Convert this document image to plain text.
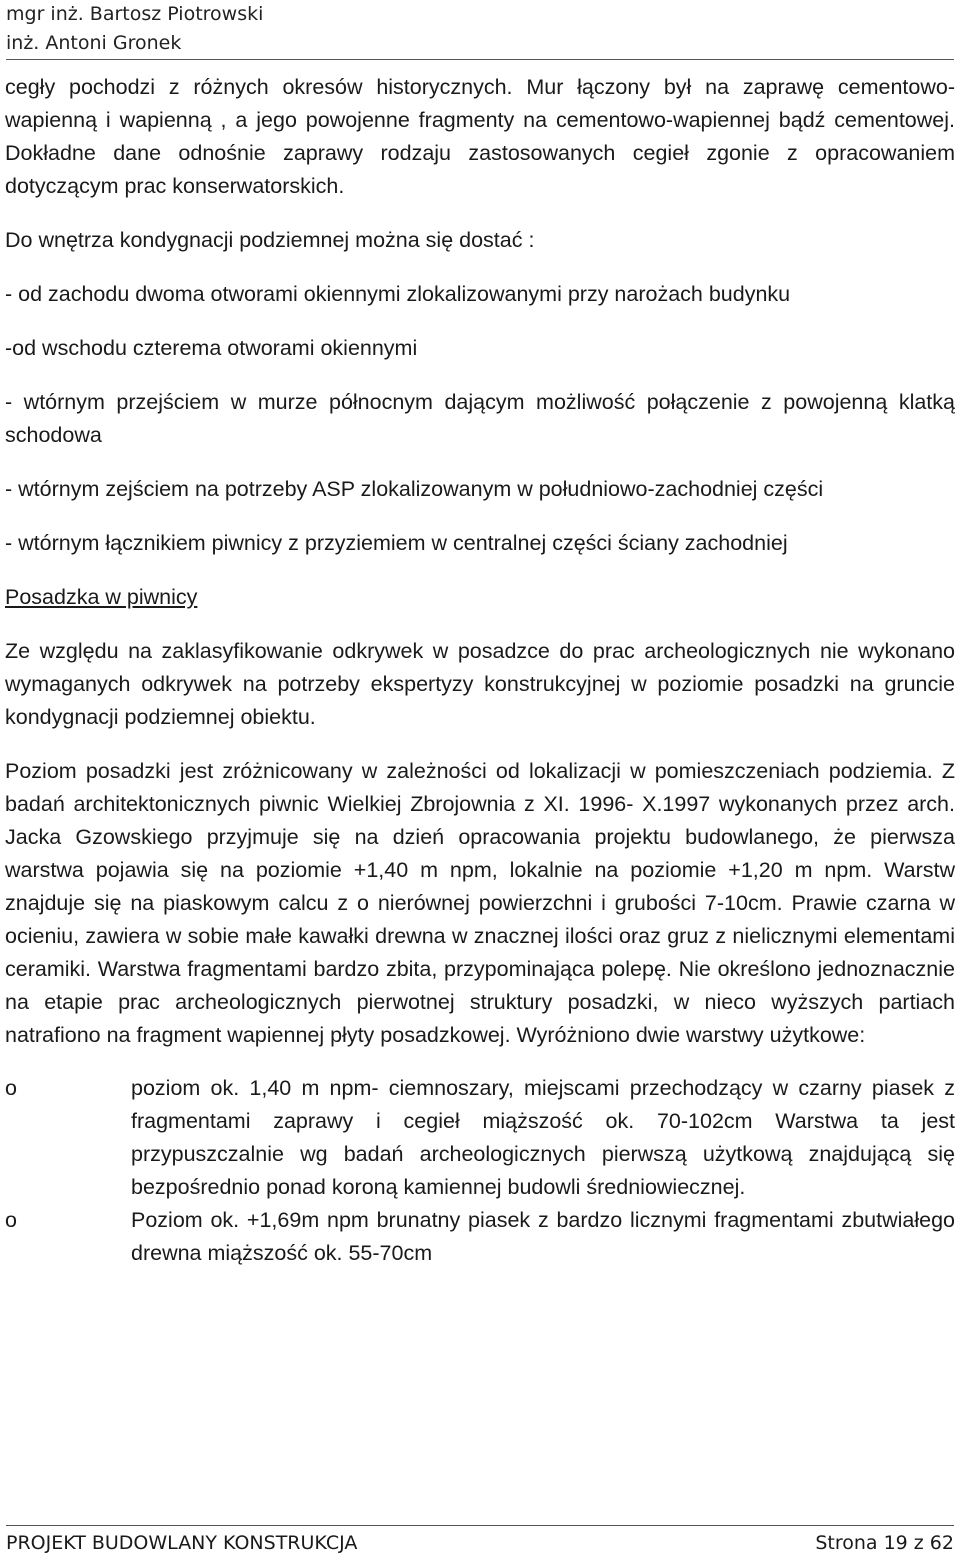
mgr inż. Bartosz Piotrowski
inż. Antoni Gronek

cegły pochodzi z różnych okresów historycznych. Mur łączony był na zaprawę cementowo-wapienną i wapienną , a jego powojenne fragmenty na cementowo-wapiennej bądź cementowej. Dokładne dane odnośnie zaprawy rodzaju zastosowanych cegieł zgonie z opracowaniem dotyczącym prac konserwatorskich.

Do wnętrza kondygnacji podziemnej można się dostać :

- od zachodu dwoma otworami okiennymi zlokalizowanymi przy narożach budynku

-od wschodu czterema otworami okiennymi

- wtórnym przejściem w murze północnym dającym możliwość połączenie z powojenną klatką schodowa

- wtórnym zejściem na potrzeby ASP zlokalizowanym w południowo-zachodniej części

- wtórnym łącznikiem piwnicy z przyziemiem w centralnej części ściany zachodniej

Posadzka w piwnicy

Ze względu na zaklasyfikowanie odkrywek w posadzce do prac archeologicznych nie wykonano wymaganych odkrywek na potrzeby ekspertyzy konstrukcyjnej w poziomie posadzki na gruncie kondygnacji podziemnej obiektu.

Poziom posadzki jest zróżnicowany w zależności od lokalizacji w pomieszczeniach podziemia. Z badań architektonicznych piwnic Wielkiej Zbrojownia z XI. 1996- X.1997 wykonanych przez arch. Jacka Gzowskiego przyjmuje się na dzień opracowania projektu budowlanego, że pierwsza warstwa pojawia się na poziomie +1,40 m npm, lokalnie na poziomie +1,20 m npm. Warstw znajduje się na piaskowym calcu z o nierównej powierzchni i grubości 7-10cm. Prawie czarna w ocieniu, zawiera w sobie małe kawałki drewna w znacznej ilości oraz gruz z nielicznymi elementami ceramiki. Warstwa fragmentami bardzo zbita, przypominająca polepę. Nie określono jednoznacznie na etapie prac archeologicznych pierwotnej struktury posadzki, w nieco wyższych partiach natrafiono na fragment wapiennej płyty posadzkowej. Wyróżniono dwie warstwy użytkowe:

o	poziom ok. 1,40 m npm- ciemnoszary, miejscami przechodzący w czarny piasek z fragmentami zaprawy i cegieł miąższość ok. 70-102cm Warstwa ta jest przypuszczalnie wg badań archeologicznych pierwszą użytkową znajdującą się bezpośrednio ponad koroną kamiennej budowli średniowiecznej.
o	Poziom ok. +1,69m npm brunatny piasek z bardzo licznymi fragmentami zbutwiałego drewna miąższość ok. 55-70cm
PROJEKT BUDOWLANY KONSTRUKCJA	Strona 19 z 62
